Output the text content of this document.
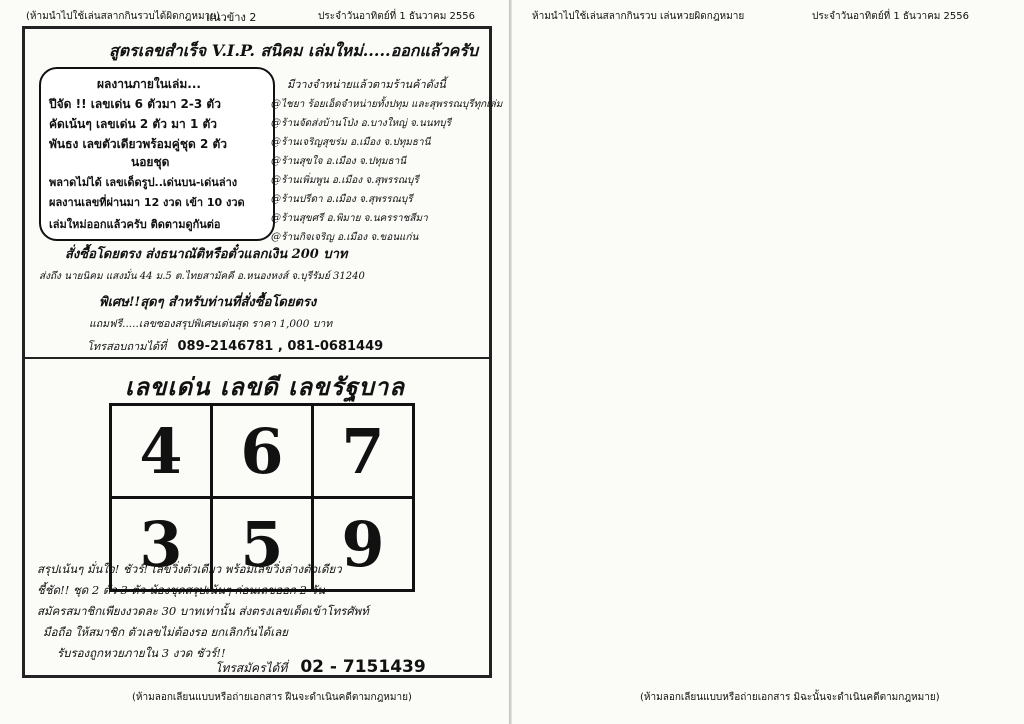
(ห้ามนำไปใช้เล่นสลากกินรวบได้ผิดกฎหมาย)
แนวข้าง 2	ประจำวันอาทิตย์ที่ 1 ธันวาคม 2556
สูตรเลขสำเร็จ V.I.P. สนิคม เล่มใหม่.....ออกแล้วครับ
ผลงานภายในเล่ม...
ปีจัด !! เลขเด่น 6 ตัวมา 2-3 ตัว
คัดเน้นๆ เลขเด่น 2 ตัว มา 1 ตัว
พันธง เลขตัวเดียวพร้อมคู่ชุด 2 ตัว
นอยชุด
พลาดไม่ได้ เลขเด็ดรูป..เด่นบน-เด่นล่าง
ผลงานเลขที่ผ่านมา 12 งวด เข้า 10 งวด
เล่มใหม่ออกแล้วครับ ติดตามดูกันต่อ
มีวางจำหน่ายแล้วตามร้านค้าดังนี้
@ไชยา ร้อยเอ็ดจำหน่ายทั้งปทุม และสุพรรณบุรีทุกเล่ม
@ร้านจัดส่งบ้านโป่ง อ.บางใหญ่ จ.นนทบุรี
@ร้านเจริญสุขร่ม อ.เมือง จ.ปทุมธานี
@ร้านสุขใจ อ.เมือง จ.ปทุมธานี
@ร้านเพิ่มพูน อ.เมือง จ.สุพรรณบุรี
@ร้านปรีดา อ.เมือง จ.สุพรรณบุรี
@ร้านสุขศรี อ.พิมาย จ.นครราชสีมา
@ร้านกิจเจริญ อ.เมือง จ.ขอนแก่น
สั่งซื้อโดยตรง ส่งธนาณัติหรือตั๋วแลกเงิน 200 บาท
ส่งถึง นายนิคม แสงมั่น 44 ม.5 ต.ไทยสามัคคี อ.หนองหงส์ จ.บุรีรัมย์ 31240
พิเศษ!!สุดๆ สำหรับท่านที่สั่งซื้อโดยตรง
แถมฟรี.....เลขซองสรุปพิเศษเด่นสุด ราคา 1,000 บาท
โทรสอบถามได้ที่ 089-2146781 , 081-0681449
เลขเด่น เลขดี เลขรัฐบาล
4	6	7
3	5	9
สรุปเน้นๆ มั่นใจ! ชัวร์! เลขวิ่งตัวเดียว พร้อมเลขวิ่งล่างตัวเดียว
ชี้ชัด!! ชุด 2 ตัว 3 ตัว น้องชุดสรุปเน้นๆ ก่อนเลขออก 2 วัน
สมัครสมาชิกเพียงงวดละ 30 บาทเท่านั้น ส่งตรงเลขเด็ดเข้าโทรศัพท์
มือถือ ให้สมาชิก ตัวเลขไม่ต้องรอ ยกเลิกกันได้เลย
รับรองถูกหวยภายใน 3 งวด ชัวร์!!
โทรสมัครได้ที่ 02 - 7151439
(ห้ามลอกเลียนแบบหรือถ่ายเอกสาร ฝืนจะดำเนินคดีตามกฎหมาย)
ห้ามนำไปใช้เล่นสลากกินรวบ เล่นหวยผิดกฎหมาย	ประจำวันอาทิตย์ที่ 1 ธันวาคม 2556
(ห้ามลอกเลียนแบบหรือถ่ายเอกสาร มิฉะนั้นจะดำเนินคดีตามกฎหมาย)
